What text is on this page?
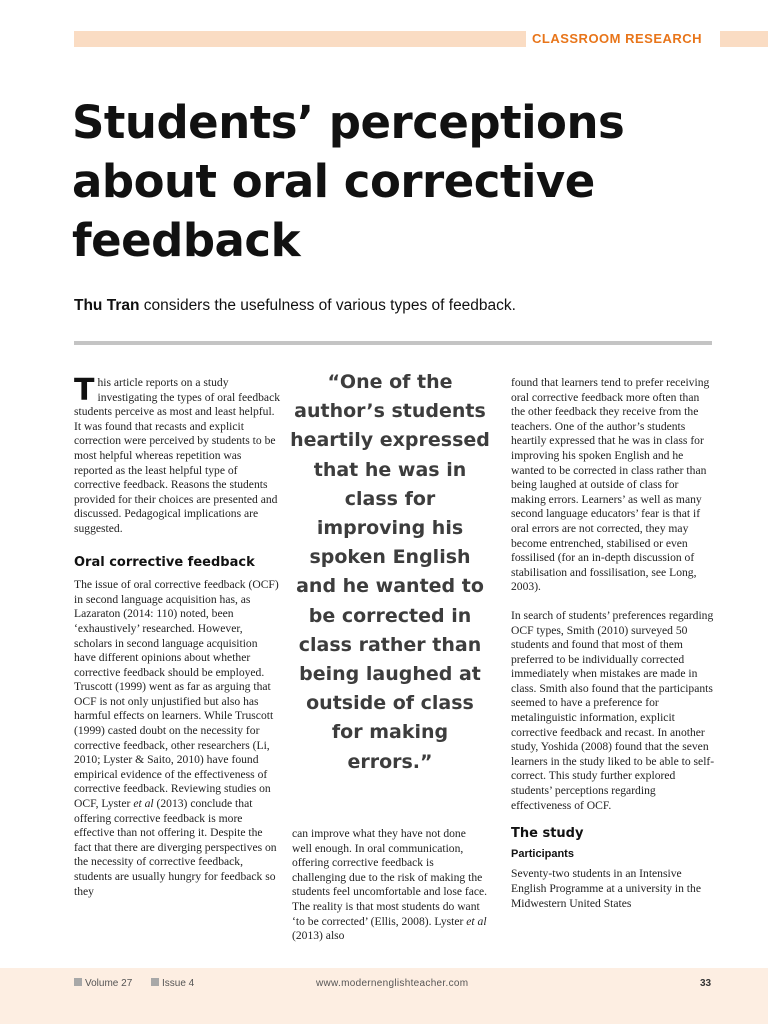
CLASSROOM RESEARCH
Students’ perceptions about oral corrective feedback

Thu Tran considers the usefulness of various types of feedback.

This article reports on a study investigating the types of oral feedback students perceive as most and least helpful. It was found that recasts and explicit correction were perceived by students to be most helpful whereas repetition was reported as the least helpful type of corrective feedback. Reasons the students provided for their choices are presented and discussed. Pedagogical implications are suggested.

Oral corrective feedback

The issue of oral corrective feedback (OCF) in second language acquisition has, as Lazaraton (2014: 110) noted, been ‘exhaustively’ researched. However, scholars in second language acquisition have different opinions about whether corrective feedback should be employed. Truscott (1999) went as far as arguing that OCF is not only unjustified but also has harmful effects on learners. While Truscott (1999) casted doubt on the necessity for corrective feedback, other researchers (Li, 2010; Lyster & Saito, 2010) have found empirical evidence of the effectiveness of corrective feedback. Reviewing studies on OCF, Lyster et al (2013) conclude that offering corrective feedback is more effective than not offering it. Despite the fact that there are diverging perspectives on the necessity of corrective feedback, students are usually hungry for feedback so they

“One of the author’s students heartily expressed that he was in class for improving his spoken English and he wanted to be corrected in class rather than being laughed at outside of class for making errors.”

can improve what they have not done well enough. In oral communication, offering corrective feedback is challenging due to the risk of making the students feel uncomfortable and lose face. The reality is that most students do want ‘to be corrected’ (Ellis, 2008). Lyster et al (2013) also

found that learners tend to prefer receiving oral corrective feedback more often than the other feedback they receive from the teachers. One of the author’s students heartily expressed that he was in class for improving his spoken English and he wanted to be corrected in class rather than being laughed at outside of class for making errors. Learners’ as well as many second language educators’ fear is that if oral errors are not corrected, they may become entrenched, stabilised or even fossilised (for an in-depth discussion of stabilisation and fossilisation, see Long, 2003).

In search of students’ preferences regarding OCF types, Smith (2010) surveyed 50 students and found that most of them preferred to be individually corrected immediately when mistakes are made in class. Smith also found that the participants seemed to have a preference for metalinguistic information, explicit corrective feedback and recast. In another study, Yoshida (2008) found that the seven learners in the study liked to be able to self-correct. This study further explored students’ perceptions regarding effectiveness of OCF.

The study
Participants

Seventy-two students in an Intensive English Programme at a university in the Midwestern United States

Volume 27	Issue 4	www.modernenglishteacher.com	33
